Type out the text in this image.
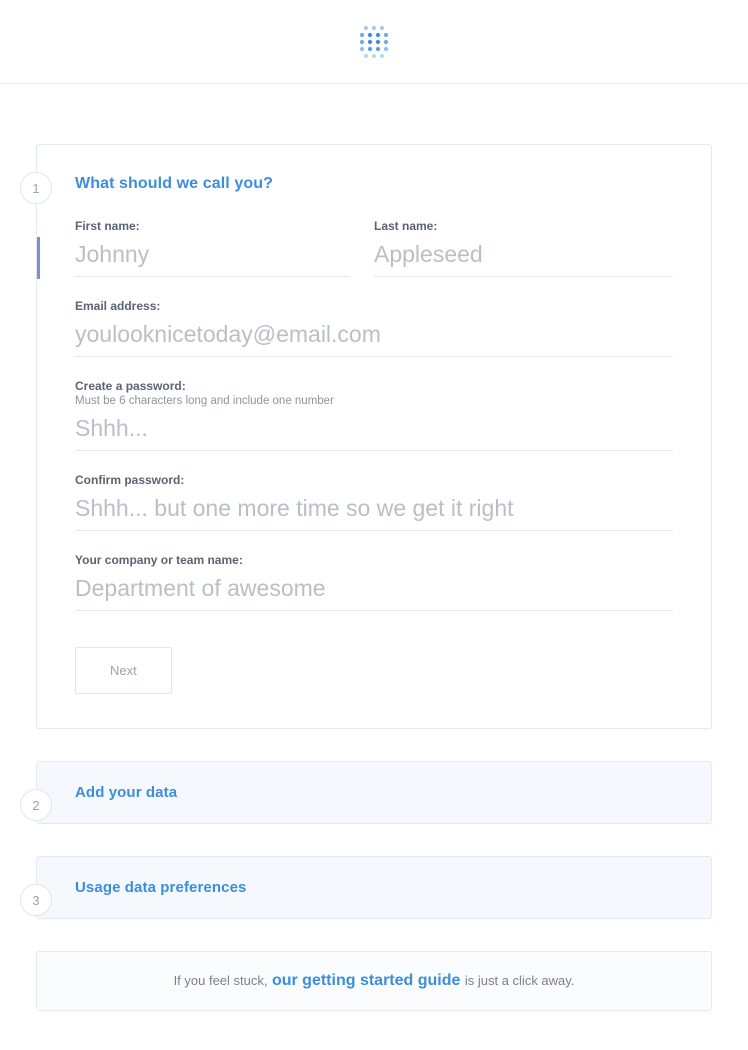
1	What should we call you?
First name:
Johnny	Last name:
Appleseed
Email address:
youlooknicetoday@email.com
Create a password:
Must be 6 characters long and include one number
Shhh...
Confirm password:
Shhh... but one more time so we get it right
Your company or team name:
Department of awesome
Next
2
Add your data
3
Usage data preferences
If you feel stuck, our getting started guide is just a click away.
